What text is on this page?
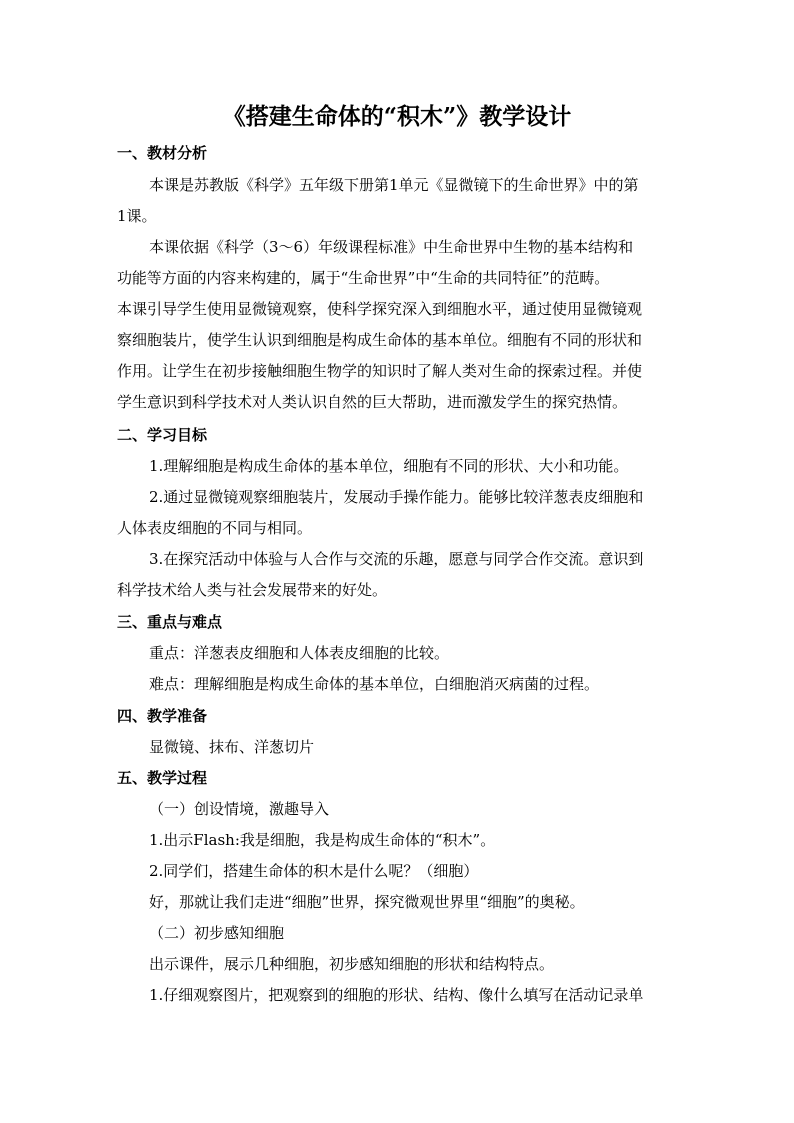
《搭建生命体的“积木”》教学设计

一、教材分析

本课是苏教版《科学》五年级下册第1单元《显微镜下的生命世界》中的第

1课。

本课依据《科学（3～6）年级课程标准》中生命世界中生物的基本结构和

功能等方面的内容来构建的，属于“生命世界”中“生命的共同特征”的范畴。

本课引导学生使用显微镜观察，使科学探究深入到细胞水平，通过使用显微镜观

察细胞装片，使学生认识到细胞是构成生命体的基本单位。细胞有不同的形状和

作用。让学生在初步接触细胞生物学的知识时了解人类对生命的探索过程。并使

学生意识到科学技术对人类认识自然的巨大帮助，进而激发学生的探究热情。

二、学习目标

1.理解细胞是构成生命体的基本单位，细胞有不同的形状、大小和功能。

2.通过显微镜观察细胞装片，发展动手操作能力。能够比较洋葱表皮细胞和

人体表皮细胞的不同与相同。

3.在探究活动中体验与人合作与交流的乐趣，愿意与同学合作交流。意识到

科学技术给人类与社会发展带来的好处。

三、重点与难点

重点：洋葱表皮细胞和人体表皮细胞的比较。

难点：理解细胞是构成生命体的基本单位，白细胞消灭病菌的过程。

四、教学准备

显微镜、抹布、洋葱切片

五、教学过程

（一）创设情境，激趣导入

1.出示Flash:我是细胞，我是构成生命体的“积木”。

2.同学们，搭建生命体的积木是什么呢？（细胞）

好，那就让我们走进“细胞”世界，探究微观世界里“细胞”的奥秘。

（二）初步感知细胞

出示课件，展示几种细胞，初步感知细胞的形状和结构特点。

1.仔细观察图片，把观察到的细胞的形状、结构、像什么填写在活动记录单
